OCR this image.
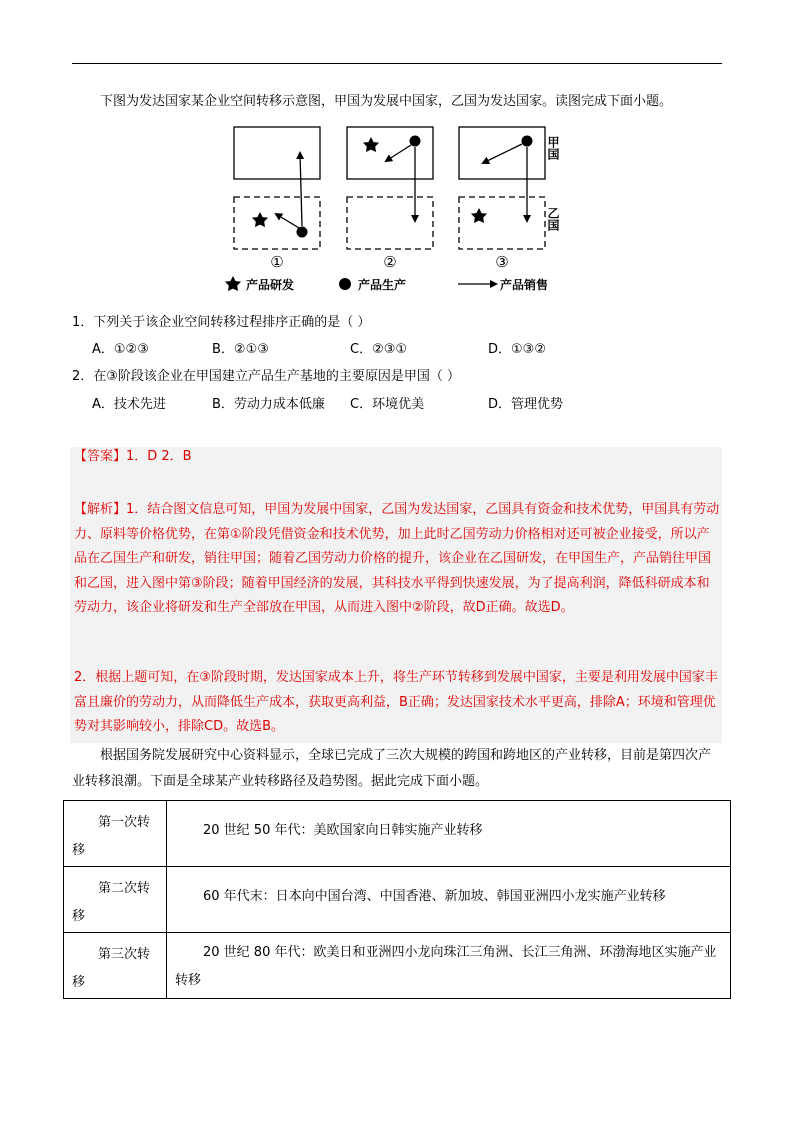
下图为发达国家某企业空间转移示意图，甲国为发展中国家，乙国为发达国家。读图完成下面小题。
甲国
乙国
①	②	③
产品研发	产品生产	产品销售
1．下列关于该企业空间转移过程排序正确的是（ ）
A．①②③	B．②①③	C．②③①	D．①③②
2．在③阶段该企业在甲国建立产品生产基地的主要原因是甲国（ ）
A．技术先进	B．劳动力成本低廉 C．环境优美	D．管理优势
【答案】1．D 2．B
【解析】1．结合图文信息可知，甲国为发展中国家，乙国为发达国家，乙国具有资金和技术优势，甲国具有劳动力、原料等价格优势，在第①阶段凭借资金和技术优势，加上此时乙国劳动力价格相对还可被企业接受，所以产品在乙国生产和研发，销往甲国；随着乙国劳动力价格的提升，该企业在乙国研发，在甲国生产，产品销往甲国和乙国，进入图中第③阶段；随着甲国经济的发展，其科技水平得到快速发展，为了提高利润，降低科研成本和劳动力，该企业将研发和生产全部放在甲国，从而进入图中②阶段，故D正确。故选D。
2．根据上题可知，在③阶段时期，发达国家成本上升，将生产环节转移到发展中国家，主要是利用发展中国家丰富且廉价的劳动力，从而降低生产成本，获取更高利益，B正确；发达国家技术水平更高，排除A；环境和管理优势对其影响较小，排除CD。故选B。
根据国务院发展研究中心资料显示，全球已完成了三次大规模的跨国和跨地区的产业转移，目前是第四次产业转移浪潮。下面是全球某产业转移路径及趋势图。据此完成下面小题。
第一次转移	20 世纪 50 年代：美欧国家向日韩实施产业转移

第二次转移	60 年代末：日本向中国台湾、中国香港、新加坡、韩国亚洲四小龙实施产业转移

第三次转移	20 世纪 80 年代：欧美日和亚洲四小龙向珠江三角洲、长江三角洲、环渤海地区实施产业转移
